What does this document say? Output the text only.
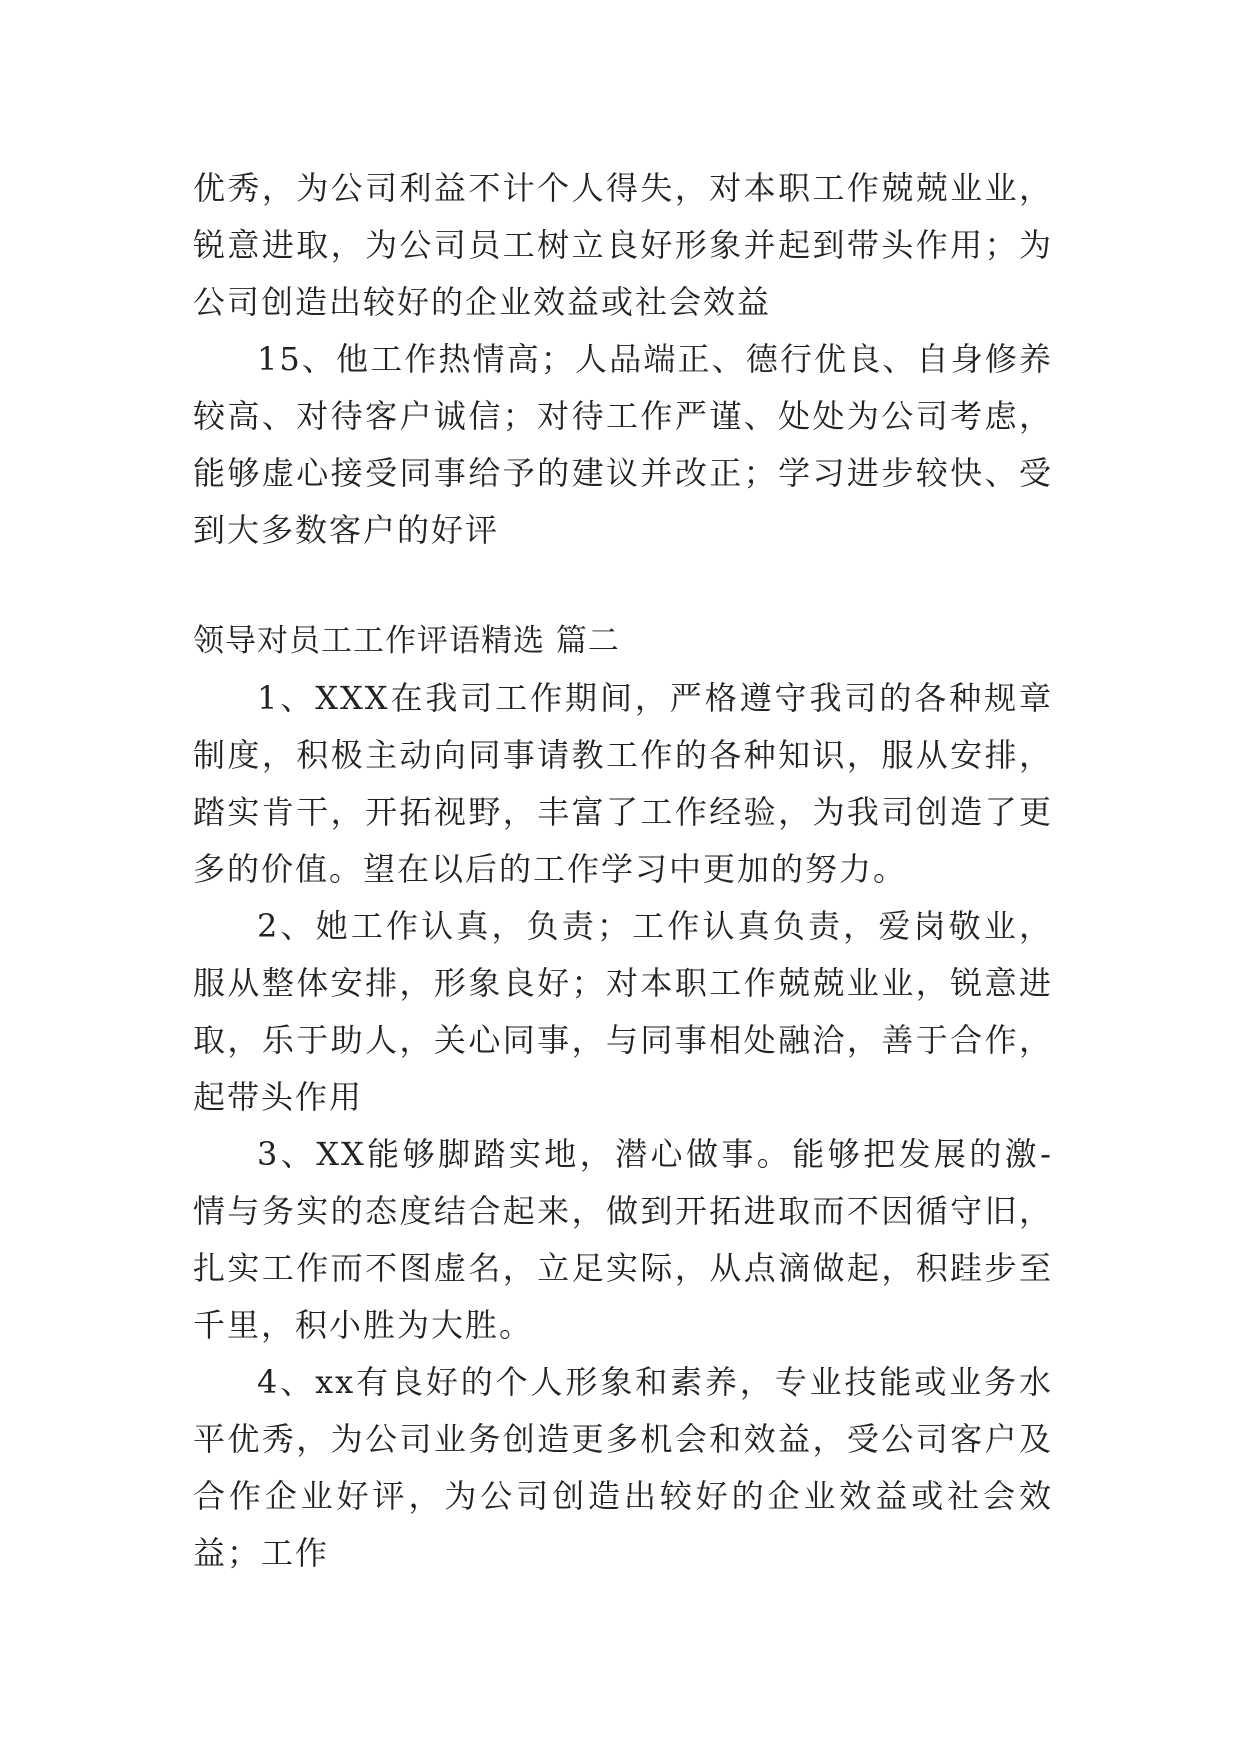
优秀，为公司利益不计个人得失，对本职工作兢兢业业，锐意进取，为公司员工树立良好形象并起到带头作用；为公司创造出较好的企业效益或社会效益

15、他工作热情高；人品端正、德行优良、自身修养较高、对待客户诚信；对待工作严谨、处处为公司考虑，能够虚心接受同事给予的建议并改正；学习进步较快、受到大多数客户的好评

领导对员工工作评语精选 篇二

1、XXX在我司工作期间，严格遵守我司的各种规章制度，积极主动向同事请教工作的各种知识，服从安排，踏实肯干，开拓视野，丰富了工作经验，为我司创造了更多的价值。望在以后的工作学习中更加的努力。

2、她工作认真，负责；工作认真负责，爱岗敬业，服从整体安排，形象良好；对本职工作兢兢业业，锐意进取，乐于助人，关心同事，与同事相处融洽，善于合作，起带头作用

3、XX能够脚踏实地，潜心做事。能够把发展的激-情与务实的态度结合起来，做到开拓进取而不因循守旧，扎实工作而不图虚名，立足实际，从点滴做起，积跬步至千里，积小胜为大胜。

4、xx有良好的个人形象和素养，专业技能或业务水平优秀，为公司业务创造更多机会和效益，受公司客户及合作企业好评，为公司创造出较好的企业效益或社会效益；工作
